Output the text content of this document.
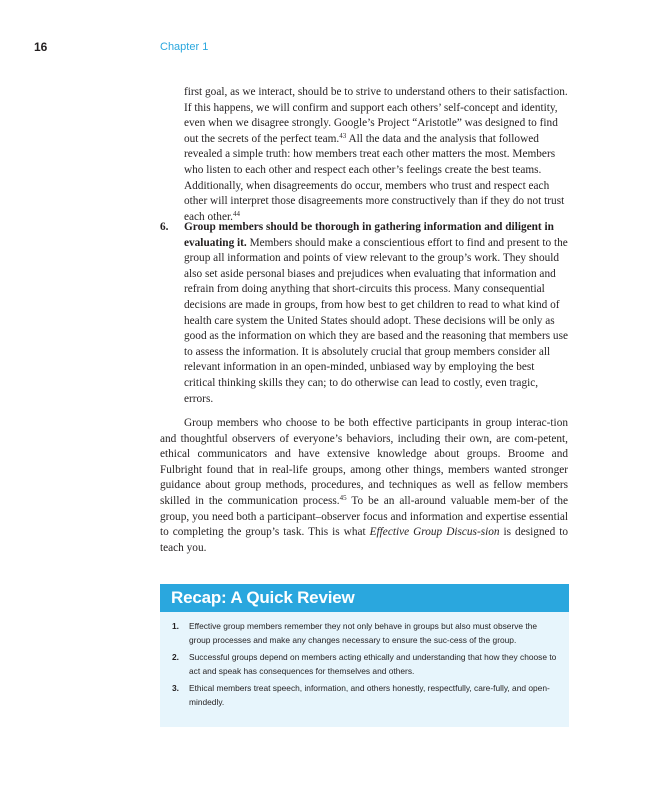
16	Chapter 1
first goal, as we interact, should be to strive to understand others to their satisfaction. If this happens, we will confirm and support each others’ self-concept and identity, even when we disagree strongly. Google’s Project “Aristotle” was designed to find out the secrets of the perfect team.$^{43}$ All the data and the analysis that followed revealed a simple truth: how members treat each other matters the most. Members who listen to each other and respect each other’s feelings create the best teams. Additionally, when disagreements do occur, members who trust and respect each other will interpret those disagreements more constructively than if they do not trust each other.$^{44}$
6. Group members should be thorough in gathering information and diligent in evaluating it. Members should make a conscientious effort to find and present to the group all information and points of view relevant to the group’s work. They should also set aside personal biases and prejudices when evaluating that information and refrain from doing anything that short-circuits this process. Many consequential decisions are made in groups, from how best to get children to read to what kind of health care system the United States should adopt. These decisions will be only as good as the information on which they are based and the reasoning that members use to assess the information. It is absolutely crucial that group members consider all relevant information in an open-minded, unbiased way by employing the best critical thinking skills they can; to do otherwise can lead to costly, even tragic, errors.
Group members who choose to be both effective participants in group interac-tion and thoughtful observers of everyone’s behaviors, including their own, are com-petent, ethical communicators and have extensive knowledge about groups. Broome and Fulbright found that in real-life groups, among other things, members wanted stronger guidance about group methods, procedures, and techniques as well as fellow members skilled in the communication process.$^{45}$ To be an all-around valuable mem-ber of the group, you need both a participant–observer focus and information and expertise essential to completing the group’s task. This is what Effective Group Discus-sion is designed to teach you.
Recap: A Quick Review
1. Effective group members remember they not only behave in groups but also must observe the group processes and make any changes necessary to ensure the suc-cess of the group.
2. Successful groups depend on members acting ethically and understanding that how they choose to act and speak has consequences for themselves and others.
3. Ethical members treat speech, information, and others honestly, respectfully, care-fully, and open-mindedly.
